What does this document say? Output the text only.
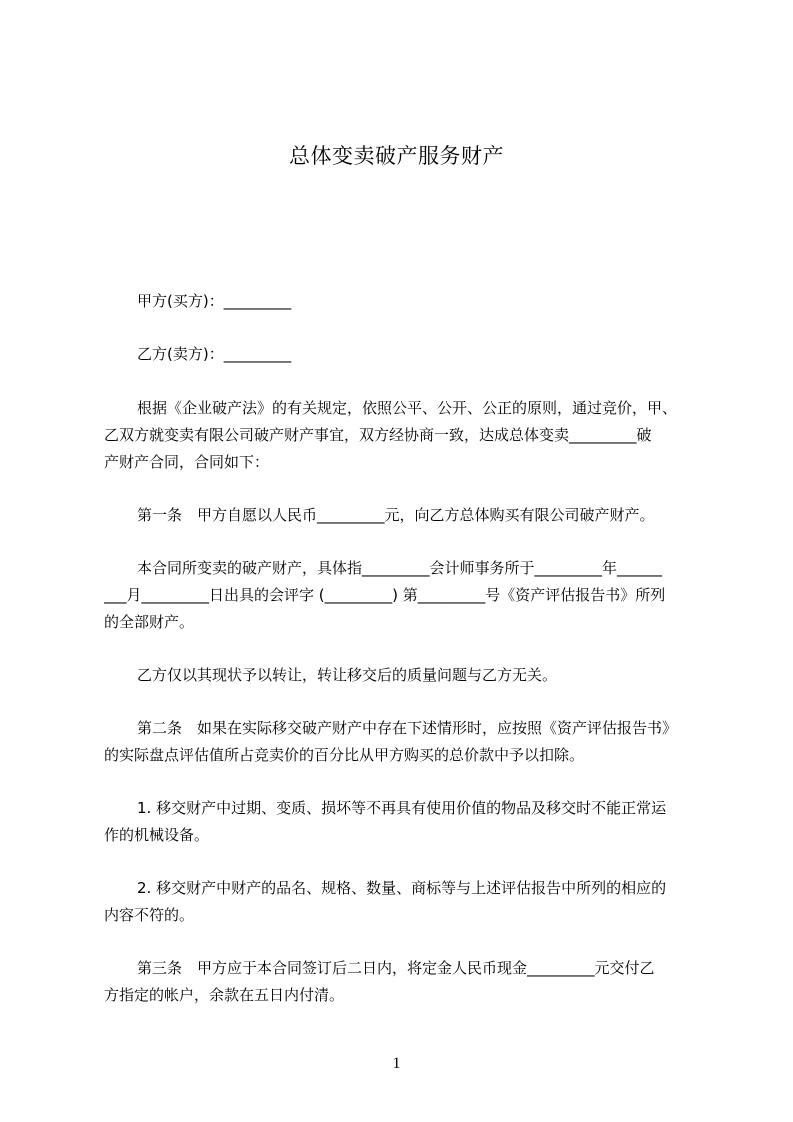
总体变卖破产服务财产
甲方(买方)：_________
乙方(卖方)：_________
根据《企业破产法》的有关规定，依照公平、公开、公正的原则，通过竞价，甲、
乙双方就变卖有限公司破产财产事宜，双方经协商一致，达成总体变卖_________破
产财产合同，合同如下：
第一条　甲方自愿以人民币_________元，向乙方总体购买有限公司破产财产。
本合同所变卖的破产财产，具体指_________会计师事务所于_________年______
___月_________日出具的会评字 (_________) 第_________号《资产评估报告书》所列
的全部财产。
乙方仅以其现状予以转让，转让移交后的质量问题与乙方无关。
第二条　如果在实际移交破产财产中存在下述情形时，应按照《资产评估报告书》
的实际盘点评估值所占竞卖价的百分比从甲方购买的总价款中予以扣除。
1. 移交财产中过期、变质、损坏等不再具有使用价值的物品及移交时不能正常运
作的机械设备。
2. 移交财产中财产的品名、规格、数量、商标等与上述评估报告中所列的相应的
内容不符的。
第三条　甲方应于本合同签订后二日内，将定金人民币现金_________元交付乙
方指定的帐户，余款在五日内付清。
1
